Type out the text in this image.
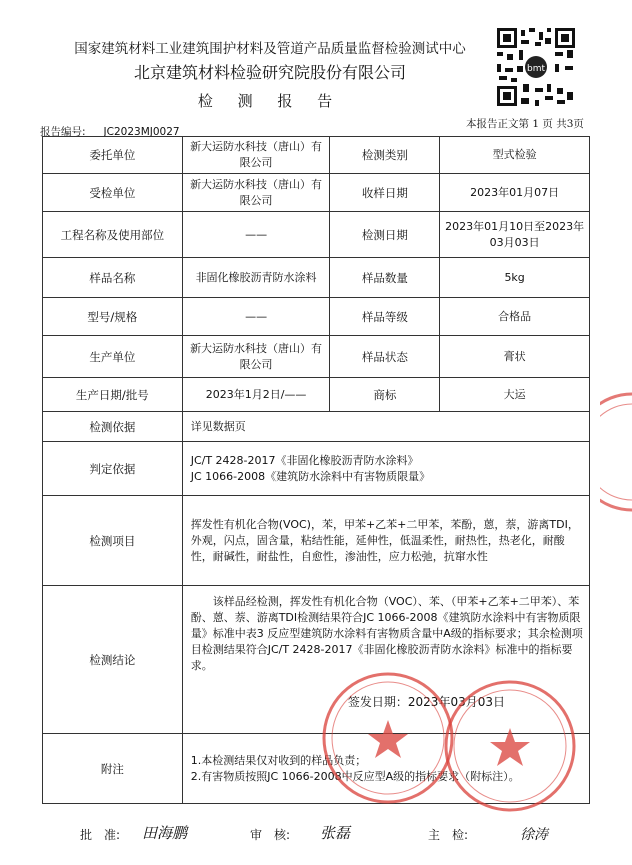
国家建筑材料工业建筑围护材料及管道产品质量监督检验测试中心
北京建筑材料检验研究院股份有限公司
检 测 报 告
bmt
本报告正文第 1 页 共3页
报告编号: JC2023MJ0027
委托单位	新大运防水科技（唐山）有限公司	检测类别	型式检验
受检单位	新大运防水科技（唐山）有限公司	收样日期	2023年01月07日
工程名称及使用部位	——	检测日期	2023年01月10日至2023年03月03日
样品名称	非固化橡胶沥青防水涂料	样品数量	5kg
型号/规格	——	样品等级	合格品
生产单位	新大运防水科技（唐山）有限公司	样品状态	膏状
生产日期/批号	2023年1月2日/——	商标	大运
检测依据	详见数据页		
判定依据	JC/T 2428-2017《非固化橡胶沥青防水涂料》
JC 1066-2008《建筑防水涂料中有害物质限量》		

检测项目	挥发性有机化合物(VOC)，苯，甲苯+乙苯+二甲苯，苯酚，蒽，萘，游离TDI，外观，闪点，固含量，粘结性能，延伸性，低温柔性，耐热性，热老化，耐酸性，耐碱性，耐盐性，自愈性，渗油性，应力松弛，抗窜水性		
检测结论	该样品经检测，挥发性有机化合物（VOC）、苯、（甲苯+乙苯+二甲苯）、苯酚、蒽、萘、游离TDI检测结果符合JC 1066-2008《建筑防水涂料中有害物质限量》标准中表3 反应型建筑防水涂料有害物质含量中A级的指标要求；其余检测项目检测结果符合JC/T 2428-2017《非固化橡胶沥青防水涂料》标准中的指标要求。
签发日期：2023年03月03日		

附注	1.本检测结果仅对收到的样品负责；
2.有害物质按照JC 1066-2008中反应型A级的指标要求（附标注）。		
批　准: 田海鹏	审　核: 张磊	主　检:	徐涛
